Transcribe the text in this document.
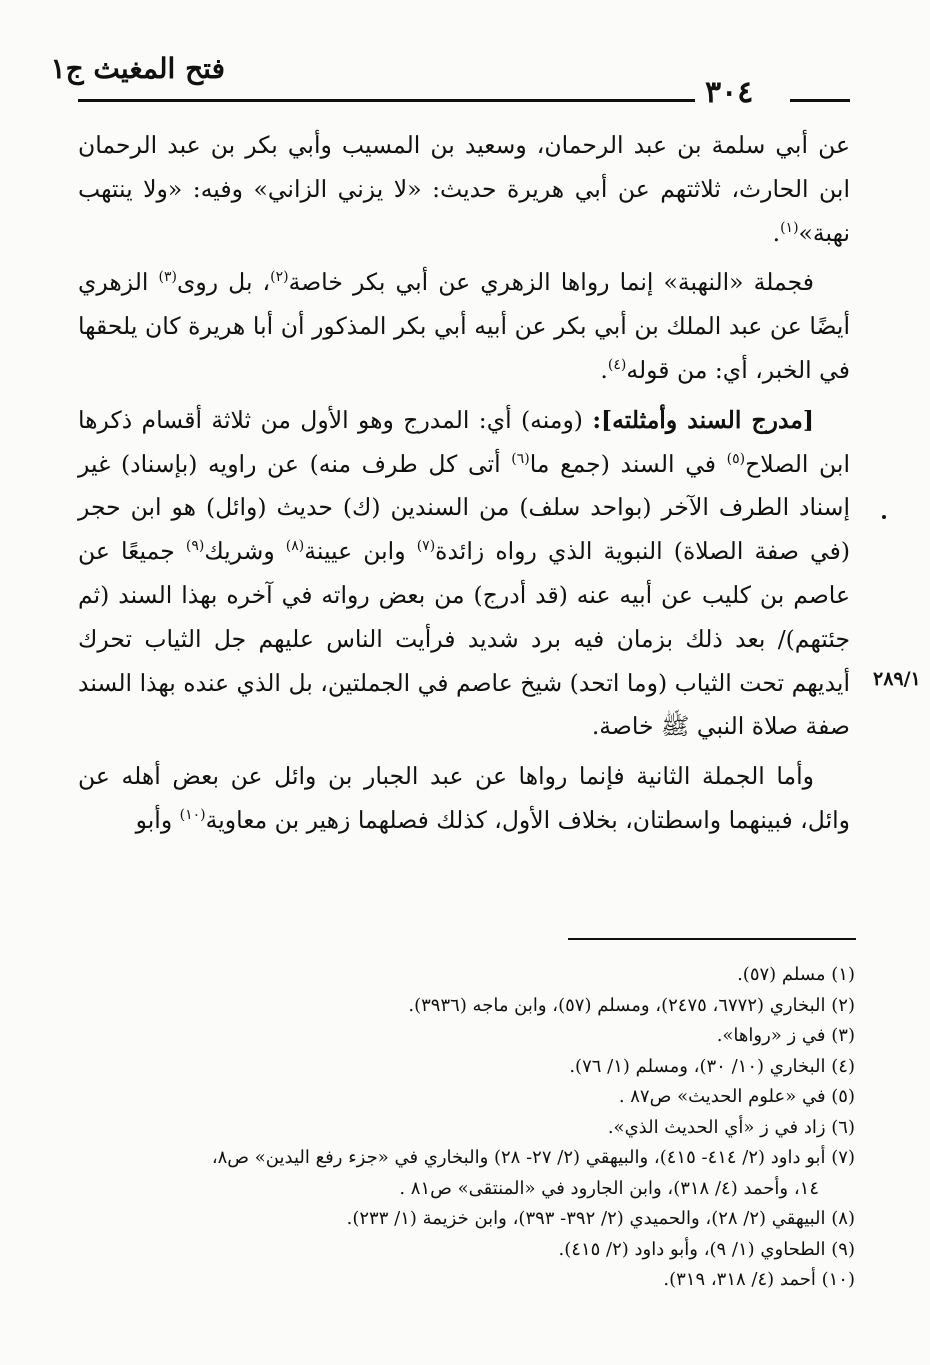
فتح المغيث ج١
٣٠٤
٢٨٩/١

عن أبي سلمة بن عبد الرحمان، وسعيد بن المسيب وأبي بكر بن عبد الرحمان ابن الحارث، ثلاثتهم عن أبي هريرة حديث: «لا يزني الزاني» وفيه: «ولا ينتهب نهبة»$^{(١)}$.

فجملة «النهبة» إنما رواها الزهري عن أبي بكر خاصة$^{(٢)}$، بل روى$^{(٣)}$ الزهري أيضًا عن عبد الملك بن أبي بكر عن أبيه أبي بكر المذكور أن أبا هريرة كان يلحقها في الخبر، أي: من قوله$^{(٤)}$.

[مدرج السند وأمثلته]: (ومنه) أي: المدرج وهو الأول من ثلاثة أقسام ذكرها ابن الصلاح$^{(٥)}$ في السند (جمع ما$^{(٦)}$ أتى كل طرف منه) عن راويه (بإسناد) غير إسناد الطرف الآخر (بواحد سلف) من السندين (ك) حديث (وائل) هو ابن حجر (في صفة الصلاة) النبوية الذي رواه زائدة$^{(٧)}$ وابن عيينة$^{(٨)}$ وشريك$^{(٩)}$ جميعًا عن عاصم بن كليب عن أبيه عنه (قد أدرج) من بعض رواته في آخره بهذا السند (ثم جئتهم)/ بعد ذلك بزمان فيه برد شديد فرأيت الناس عليهم جل الثياب تحرك أيديهم تحت الثياب (وما اتحد) شيخ عاصم في الجملتين، بل الذي عنده بهذا السند صفة صلاة النبي ﷺ خاصة.

وأما الجملة الثانية فإنما رواها عن عبد الجبار بن وائل عن بعض أهله عن وائل، فبينهما واسطتان، بخلاف الأول، كذلك فصلهما زهير بن معاوية$^{(١٠)}$ وأبو

(١) مسلم (٥٧).
(٢) البخاري (٦٧٧٢، ٢٤٧٥)، ومسلم (٥٧)، وابن ماجه (٣٩٣٦).
(٣) في ز «رواها».
(٤) البخاري (١٠/ ٣٠)، ومسلم (١/ ٧٦).
(٥) في «علوم الحديث» ص٨٧ .
(٦) زاد في ز «أي الحديث الذي».
(٧) أبو داود (٢/ ٤١٤- ٤١٥)، والبيهقي (٢/ ٢٧- ٢٨) والبخاري في «جزء رفع اليدين» ص٨،
١٤، وأحمد (٤/ ٣١٨)، وابن الجارود في «المنتقى» ص٨١ .
(٨) البيهقي (٢/ ٢٨)، والحميدي (٢/ ٣٩٢- ٣٩٣)، وابن خزيمة (١/ ٢٣٣).
(٩) الطحاوي (١/ ٩)، وأبو داود (٢/ ٤١٥).
(١٠) أحمد (٤/ ٣١٨، ٣١٩).
